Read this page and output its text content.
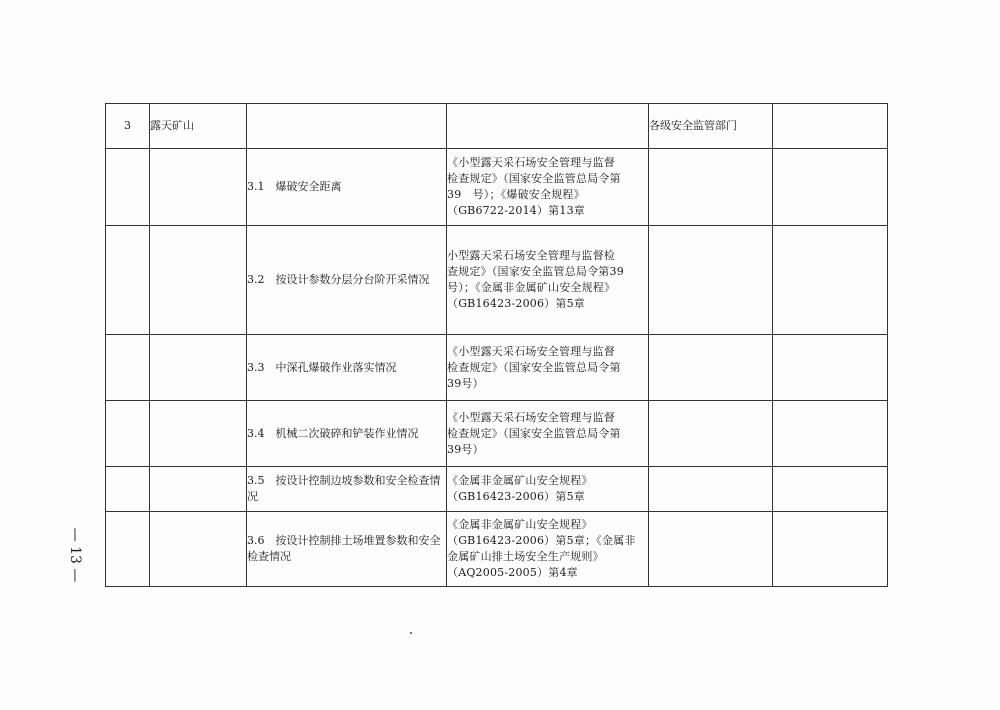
3	露天矿山			各级安全监管部门	
		3.1　爆破安全距离	《小型露天采石场安全管理与监督
检查规定》（国家安全监管总局令第
39　号）；《爆破安全规程》
（GB6722-2014）第13章		

		3.2　按设计参数分层分台阶开采情况	小型露天采石场安全管理与监督检
查规定》（国家安全监管总局令第39
号）；《金属非金属矿山安全规程》
（GB16423-2006）第5章		

		3.3　中深孔爆破作业落实情况	《小型露天采石场安全管理与监督
检查规定》（国家安全监管总局令第
39号）		

		3.4　机械二次破碎和铲装作业情况	《小型露天采石场安全管理与监督
检查规定》（国家安全监管总局令第
39号）		

		3.5　按设计控制边坡参数和安全检查情况	《金属非金属矿山安全规程》
（GB16423-2006）第5章		

		3.6　按设计控制排土场堆置参数和安全检查情况	《金属非金属矿山安全规程》
（GB16423-2006）第5章；《金属非
金属矿山排土场安全生产规则》
（AQ2005-2005）第4章		

— 13 —
